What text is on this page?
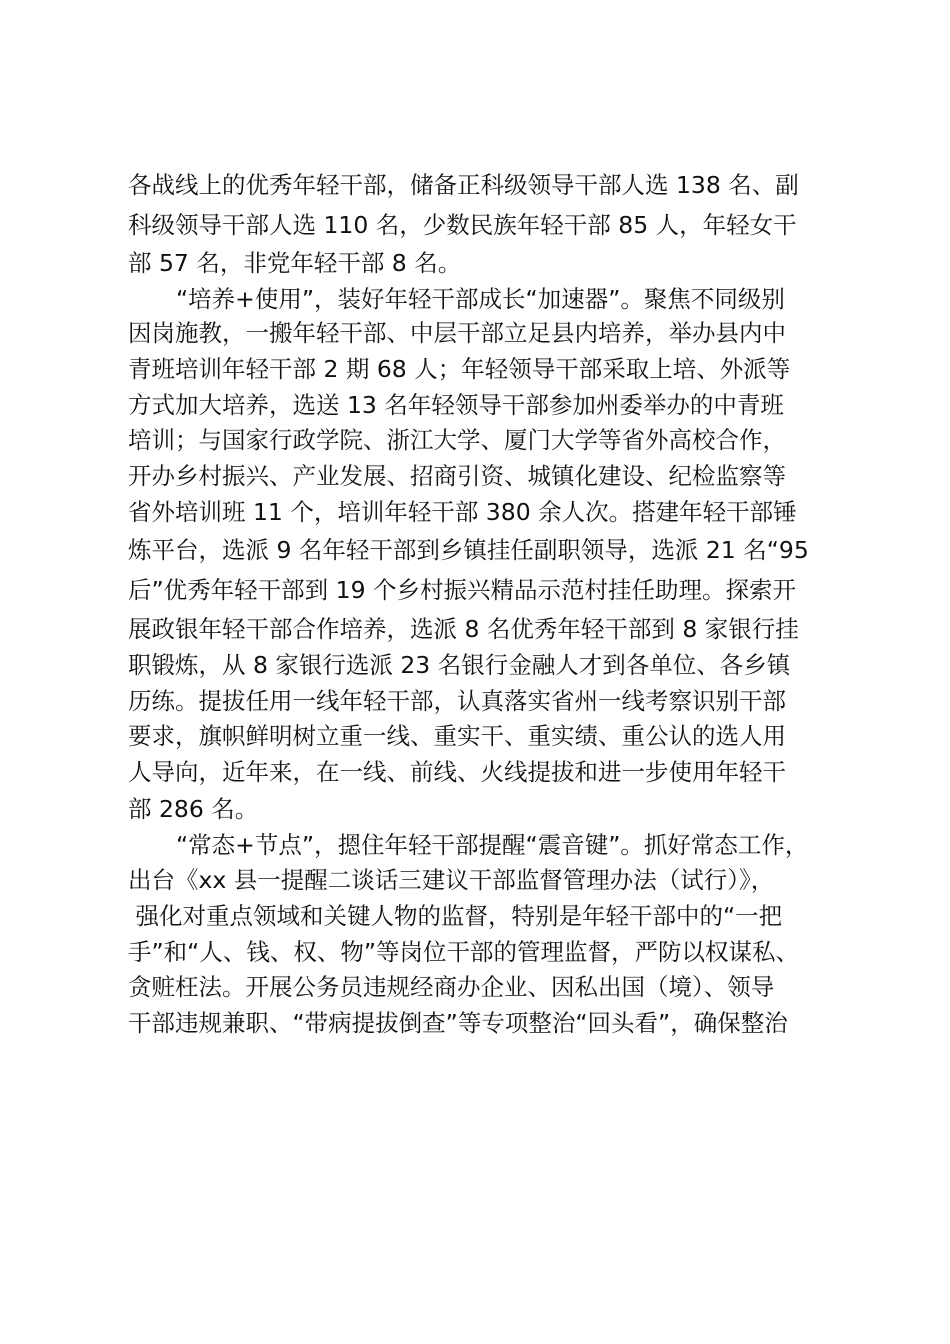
各战线上的优秀年轻干部，储备正科级领导干部人选 138 名、副
科级领导干部人选 110 名，少数民族年轻干部 85 人，年轻女干
部 57 名，非党年轻干部 8 名。
“培养+使用”，装好年轻干部成长“加速器”。聚焦不同级别
因岗施教，一搬年轻干部、中层干部立足县内培养，举办县内中
青班培训年轻干部 2 期 68 人；年轻领导干部采取上培、外派等
方式加大培养，选送 13 名年轻领导干部参加州委举办的中青班
培训；与国家行政学院、浙江大学、厦门大学等省外高校合作，
开办乡村振兴、产业发展、招商引资、城镇化建设、纪检监察等
省外培训班 11 个，培训年轻干部 380 余人次。搭建年轻干部锤
炼平台，选派 9 名年轻干部到乡镇挂任副职领导，选派 21 名“95
后”优秀年轻干部到 19 个乡村振兴精品示范村挂任助理。探索开
展政银年轻干部合作培养，选派 8 名优秀年轻干部到 8 家银行挂
职锻炼，从 8 家银行选派 23 名银行金融人才到各单位、各乡镇
历练。提拔任用一线年轻干部，认真落实省州一线考察识别干部
要求，旗帜鲜明树立重一线、重实干、重实绩、重公认的选人用
人导向，近年来，在一线、前线、火线提拔和进一步使用年轻干
部 286 名。
“常态+节点”，摁住年轻干部提醒“震音键”。抓好常态工作，
出台《xx 县一提醒二谈话三建议干部监督管理办法（试行）》，
强化对重点领域和关键人物的监督，特别是年轻干部中的“一把
手”和“人、钱、权、物”等岗位干部的管理监督，严防以权谋私、
贪赃枉法。开展公务员违规经商办企业、因私出国（境）、领导
干部违规兼职、“带病提拔倒查”等专项整治“回头看”，确保整治
